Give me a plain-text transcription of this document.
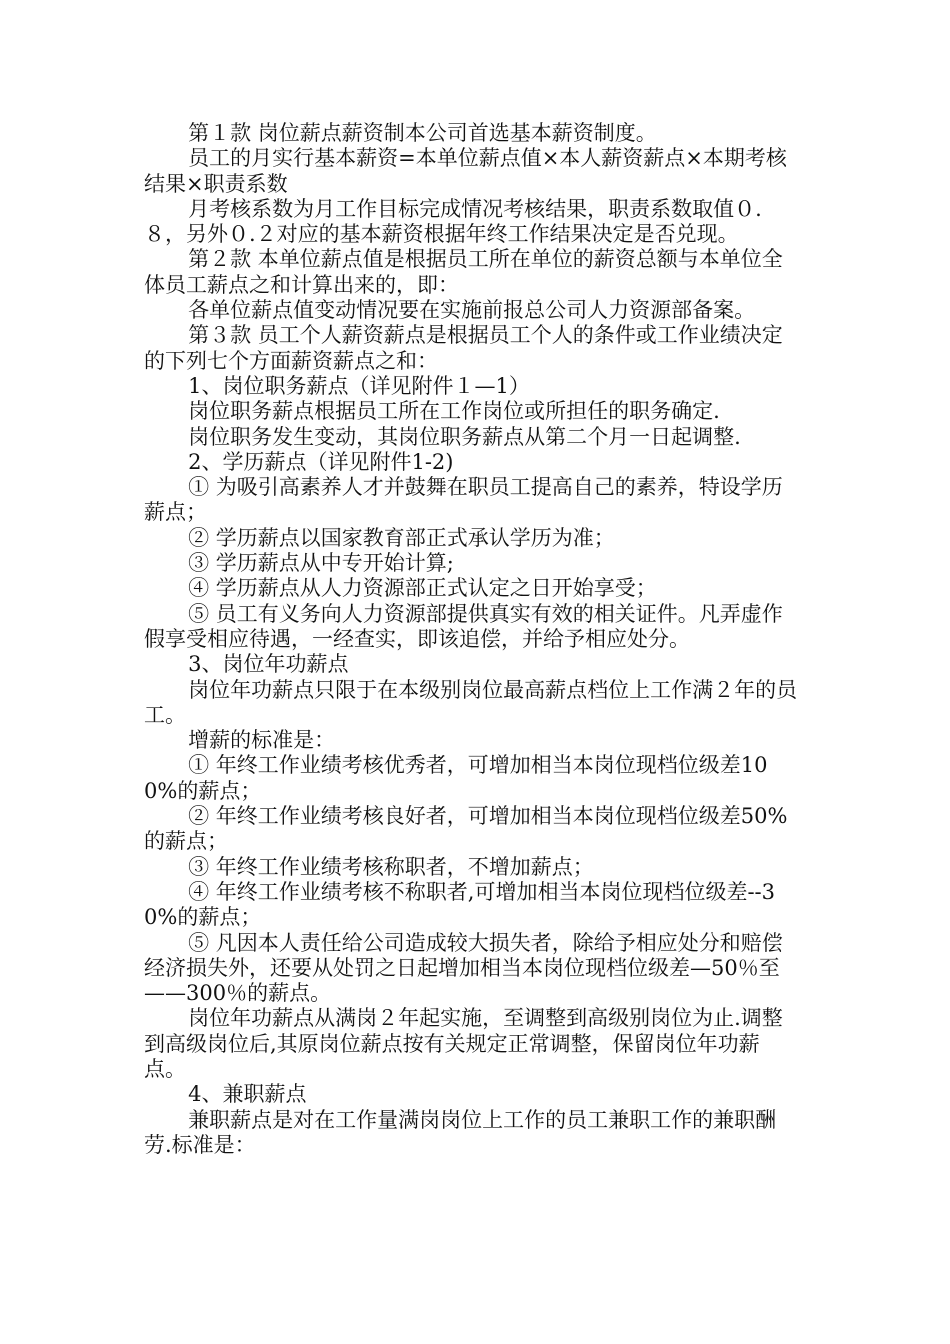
第１款 岗位薪点薪资制本公司首选基本薪资制度。

员工的月实行基本薪资=本单位薪点值×本人薪资薪点×本期考核结果×职责系数

月考核系数为月工作目标完成情况考核结果，职责系数取值０.８，另外０.２对应的基本薪资根据年终工作结果决定是否兑现。

第２款 本单位薪点值是根据员工所在单位的薪资总额与本单位全体员工薪点之和计算出来的，即：

各单位薪点值变动情况要在实施前报总公司人力资源部备案。

第３款 员工个人薪资薪点是根据员工个人的条件或工作业绩决定的下列七个方面薪资薪点之和：

1、岗位职务薪点（详见附件１—1）

岗位职务薪点根据员工所在工作岗位或所担任的职务确定.

岗位职务发生变动，其岗位职务薪点从第二个月一日起调整.

2、学历薪点（详见附件1-2)

① 为吸引高素养人才并鼓舞在职员工提高自己的素养，特设学历薪点；

② 学历薪点以国家教育部正式承认学历为准；

③ 学历薪点从中专开始计算;

④ 学历薪点从人力资源部正式认定之日开始享受；

⑤ 员工有义务向人力资源部提供真实有效的相关证件。凡弄虚作假享受相应待遇，一经查实，即该追偿，并给予相应处分。

3、岗位年功薪点

岗位年功薪点只限于在本级别岗位最高薪点档位上工作满２年的员工。

增薪的标准是：

① 年终工作业绩考核优秀者，可增加相当本岗位现档位级差100%的薪点；

② 年终工作业绩考核良好者，可增加相当本岗位现档位级差50%的薪点；

③ 年终工作业绩考核称职者，不增加薪点；

④ 年终工作业绩考核不称职者,可增加相当本岗位现档位级差--30%的薪点；

⑤ 凡因本人责任给公司造成较大损失者，除给予相应处分和赔偿经济损失外，还要从处罚之日起增加相当本岗位现档位级差—50％至——300％的薪点。

岗位年功薪点从满岗２年起实施，至调整到高级别岗位为止.调整到高级岗位后,其原岗位薪点按有关规定正常调整，保留岗位年功薪点。

4、兼职薪点

兼职薪点是对在工作量满岗岗位上工作的员工兼职工作的兼职酬劳.标准是：
